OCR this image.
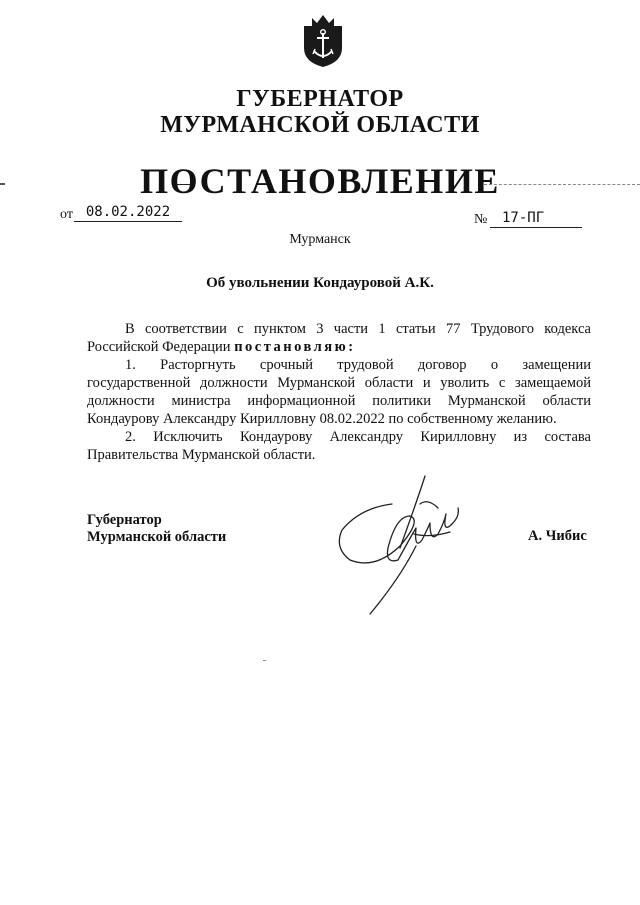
ГУБЕРНАТОР
МУРМАНСКОЙ ОБЛАСТИ
ПОСТАНОВЛЕНИЕ
от 08.02.2022	№	17-ПГ
Мурманск
Об увольнении Кондауровой А.К.

В соответствии с пунктом 3 части 1 статьи 77 Трудового кодекса

Российской Федерации постановляю:

1. Расторгнуть срочный трудовой договор о замещении

государственной должности Мурманской области и уволить с замещаемой

должности министра информационной политики Мурманской области

Кондаурову Александру Кирилловну 08.02.2022 по собственному желанию.

2. Исключить Кондаурову Александру Кирилловну из состава

Правительства Мурманской области.

Губернатор
Мурманской области	А. Чибис
